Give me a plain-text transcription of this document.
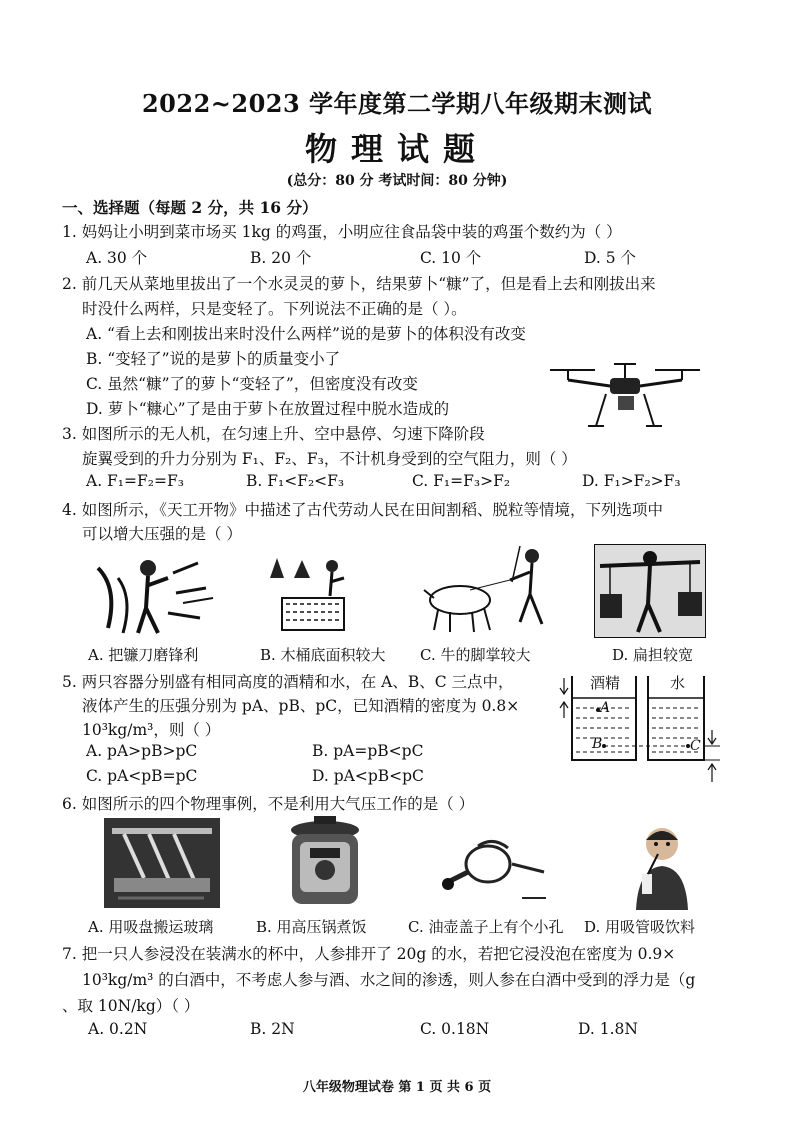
2022~2023 学年度第二学期八年级期末测试
物理试题
(总分：80 分 考试时间：80 分钟)
一、选择题（每题 2 分，共 16 分）
1. 妈妈让小明到菜市场买 1kg 的鸡蛋，小明应往食品袋中装的鸡蛋个数约为（ ）
A. 30 个	B. 20 个	C. 10 个	D. 5 个
2. 前几天从菜地里拔出了一个水灵灵的萝卜，结果萝卜“糠”了，但是看上去和刚拔出来
时没什么两样，只是变轻了。下列说法不正确的是（ ）。
A. “看上去和刚拔出来时没什么两样”说的是萝卜的体积没有改变
B. “变轻了”说的是萝卜的质量变小了
C. 虽然“糠”了的萝卜“变轻了”，但密度没有改变
D. 萝卜“糠心”了是由于萝卜在放置过程中脱水造成的
3. 如图所示的无人机，在匀速上升、空中悬停、匀速下降阶段
旋翼受到的升力分别为 F₁、F₂、F₃，不计机身受到的空气阻力，则（ ）
A. F₁=F₂=F₃	B. F₁<F₂<F₃	C. F₁=F₃>F₂	D. F₁>F₂>F₃
4. 如图所示，《天工开物》中描述了古代劳动人民在田间割稻、脱粒等情境，下列选项中
可以增大压强的是（ ）
A. 把镰刀磨锋利	B. 木桶底面积较大 C. 牛的脚掌较大	D. 扁担较宽
5. 两只容器分别盛有相同高度的酒精和水，在 A、B、C 三点中，
液体产生的压强分别为 pA、pB、pC，已知酒精的密度为 0.8×
10³kg/m³，则（ ）
A. pA>pB>pC	B. pA=pB<pC
C. pA<pB=pC	D. pA<pB<pC
酒精	水
A
B	C
6. 如图所示的四个物理事例，不是利用大气压工作的是（ ）
A. 用吸盘搬运玻璃	B. 用高压锅煮饭	C. 油壶盖子上有个小孔 D. 用吸管吸饮料
7. 把一只人参浸没在装满水的杯中，人参排开了 20g 的水，若把它浸没泡在密度为 0.9×
10³kg/m³ 的白酒中，不考虑人参与酒、水之间的渗透，则人参在白酒中受到的浮力是（g
、取 10N/kg）（ ）
A. 0.2N	B. 2N	C. 0.18N	D. 1.8N
八年级物理试卷 第 1 页 共 6 页
